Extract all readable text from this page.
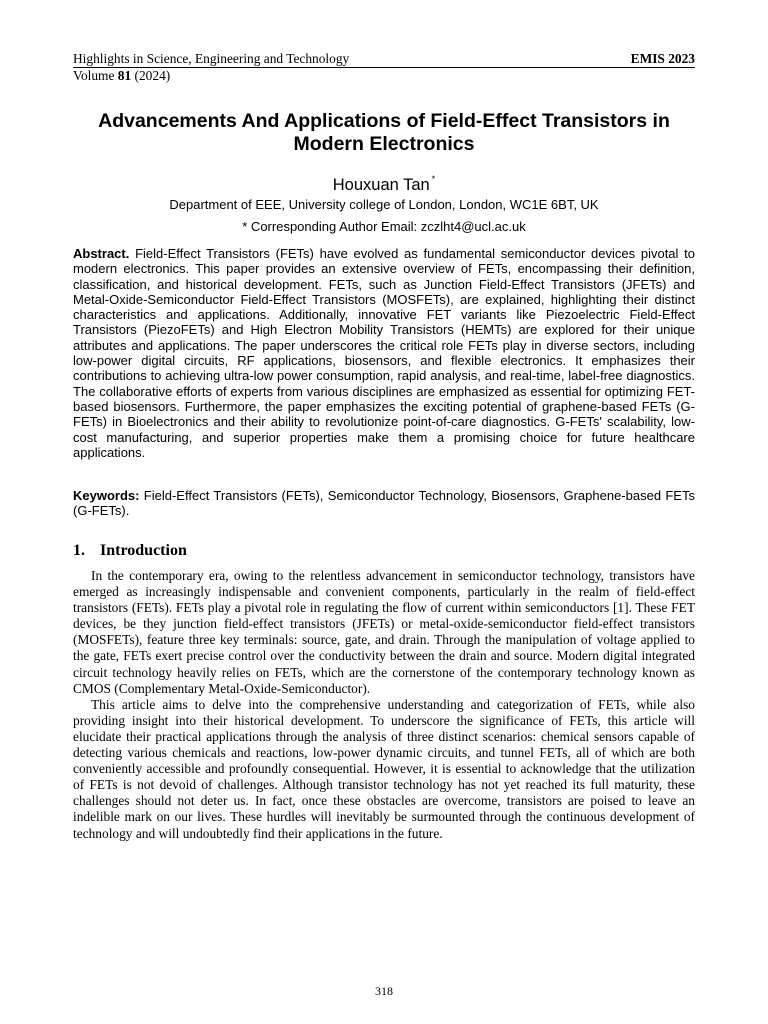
Highlights in Science, Engineering and Technology	EMIS 2023
Volume 81 (2024)
Advancements And Applications of Field-Effect Transistors in Modern Electronics
Houxuan Tan *
Department of EEE, University college of London, London, WC1E 6BT, UK
* Corresponding Author Email: zczlht4@ucl.ac.uk
Abstract. Field-Effect Transistors (FETs) have evolved as fundamental semiconductor devices pivotal to modern electronics. This paper provides an extensive overview of FETs, encompassing their definition, classification, and historical development. FETs, such as Junction Field-Effect Transistors (JFETs) and Metal-Oxide-Semiconductor Field-Effect Transistors (MOSFETs), are explained, highlighting their distinct characteristics and applications. Additionally, innovative FET variants like Piezoelectric Field-Effect Transistors (PiezoFETs) and High Electron Mobility Transistors (HEMTs) are explored for their unique attributes and applications. The paper underscores the critical role FETs play in diverse sectors, including low-power digital circuits, RF applications, biosensors, and flexible electronics. It emphasizes their contributions to achieving ultra-low power consumption, rapid analysis, and real-time, label-free diagnostics. The collaborative efforts of experts from various disciplines are emphasized as essential for optimizing FET-based biosensors. Furthermore, the paper emphasizes the exciting potential of graphene-based FETs (G-FETs) in Bioelectronics and their ability to revolutionize point-of-care diagnostics. G-FETs' scalability, low-cost manufacturing, and superior properties make them a promising choice for future healthcare applications.
Keywords: Field-Effect Transistors (FETs), Semiconductor Technology, Biosensors, Graphene-based FETs (G-FETs).
1. Introduction

In the contemporary era, owing to the relentless advancement in semiconductor technology, transistors have emerged as increasingly indispensable and convenient components, particularly in the realm of field-effect transistors (FETs). FETs play a pivotal role in regulating the flow of current within semiconductors [1]. These FET devices, be they junction field-effect transistors (JFETs) or metal-oxide-semiconductor field-effect transistors (MOSFETs), feature three key terminals: source, gate, and drain. Through the manipulation of voltage applied to the gate, FETs exert precise control over the conductivity between the drain and source. Modern digital integrated circuit technology heavily relies on FETs, which are the cornerstone of the contemporary technology known as CMOS (Complementary Metal-Oxide-Semiconductor).

This article aims to delve into the comprehensive understanding and categorization of FETs, while also providing insight into their historical development. To underscore the significance of FETs, this article will elucidate their practical applications through the analysis of three distinct scenarios: chemical sensors capable of detecting various chemicals and reactions, low-power dynamic circuits, and tunnel FETs, all of which are both conveniently accessible and profoundly consequential. However, it is essential to acknowledge that the utilization of FETs is not devoid of challenges. Although transistor technology has not yet reached its full maturity, these challenges should not deter us. In fact, once these obstacles are overcome, transistors are poised to leave an indelible mark on our lives. These hurdles will inevitably be surmounted through the continuous development of technology and will undoubtedly find their applications in the future.

318
